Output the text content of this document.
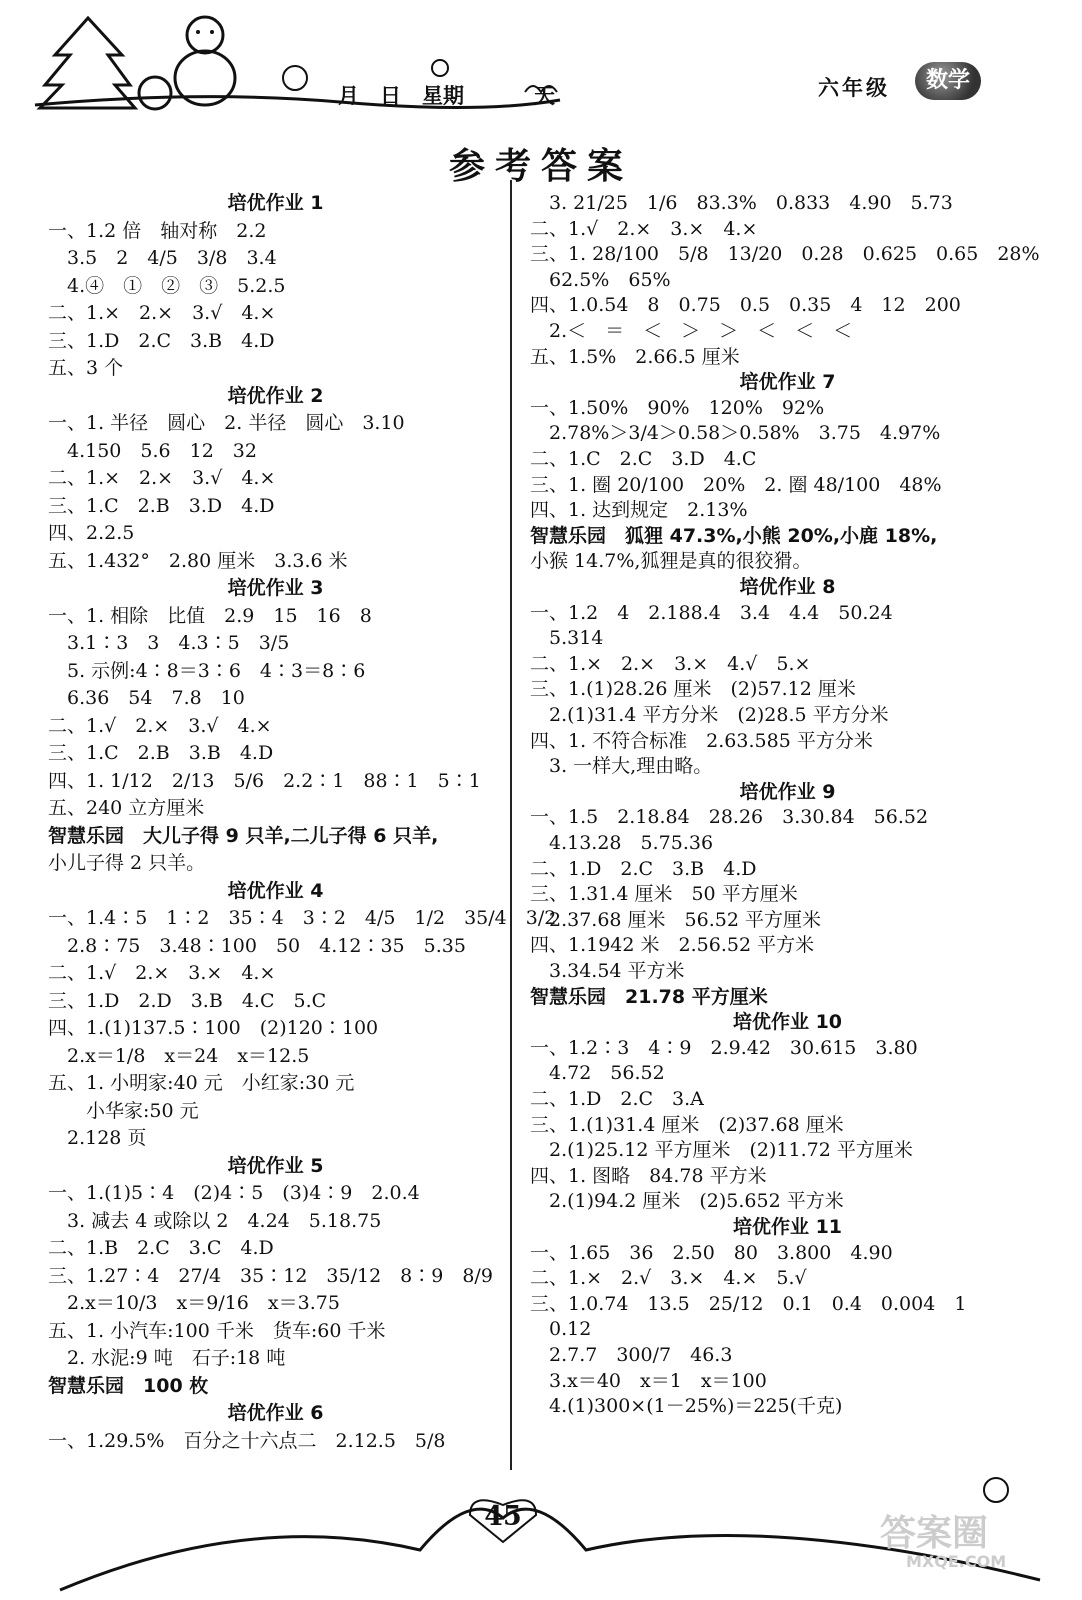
月　日　星期	天	六年级	数学
参考答案
培优作业 1
一、1.2 倍　轴对称　2.2
　3.5　2　4/5　3/8　3.4
　4.④　①　②　③　5.2.5
二、1.×　2.×　3.√　4.×
三、1.D　2.C　3.B　4.D
五、3 个
培优作业 2
一、1. 半径　圆心　2. 半径　圆心　3.10
　4.150　5.6　12　32
二、1.×　2.×　3.√　4.×
三、1.C　2.B　3.D　4.D
四、2.2.5
五、1.432°　2.80 厘米　3.3.6 米
培优作业 3
一、1. 相除　比值　2.9　15　16　8
　3.1∶3　3　4.3∶5　3/5
　5. 示例:4∶8＝3∶6　4∶3＝8∶6
　6.36　54　7.8　10
二、1.√　2.×　3.√　4.×
三、1.C　2.B　3.B　4.D
四、1. 1/12　2/13　5/6　2.2∶1　88∶1　5∶1
五、240 立方厘米
智慧乐园　大儿子得 9 只羊,二儿子得 6 只羊,
小儿子得 2 只羊。
培优作业 4
一、1.4∶5　1∶2　35∶4　3∶2　4/5　1/2　35/4　3/2
　2.8∶75　3.48∶100　50　4.12∶35　5.35
二、1.√　2.×　3.×　4.×
三、1.D　2.D　3.B　4.C　5.C
四、1.(1)137.5∶100　(2)120∶100
　2.x＝1/8　x＝24　x＝12.5
五、1. 小明家:40 元　小红家:30 元
　　小华家:50 元
　2.128 页
培优作业 5
一、1.(1)5∶4　(2)4∶5　(3)4∶9　2.0.4
　3. 减去 4 或除以 2　4.24　5.18.75
二、1.B　2.C　3.C　4.D
三、1.27∶4　27/4　35∶12　35/12　8∶9　8/9
　2.x＝10/3　x＝9/16　x＝3.75
五、1. 小汽车:100 千米　货车:60 千米
　2. 水泥:9 吨　石子:18 吨
智慧乐园　100 枚
培优作业 6
一、1.29.5%　百分之十六点二　2.12.5　5/8
　3. 21/25　1/6　83.3%　0.833　4.90　5.73
二、1.√　2.×　3.×　4.×
三、1. 28/100　5/8　13/20　0.28　0.625　0.65　28%
　62.5%　65%
四、1.0.54　8　0.75　0.5　0.35　4　12　200
　2.＜　＝　＜　＞　＞　＜　＜　＜
五、1.5%　2.66.5 厘米
培优作业 7
一、1.50%　90%　120%　92%
　2.78%＞3/4＞0.58＞0.58%　3.75　4.97%
二、1.C　2.C　3.D　4.C
三、1. 圈 20/100　20%　2. 圈 48/100　48%
四、1. 达到规定　2.13%
智慧乐园　狐狸 47.3%,小熊 20%,小鹿 18%,
小猴 14.7%,狐狸是真的很狡猾。
培优作业 8
一、1.2　4　2.188.4　3.4　4.4　50.24
　5.314
二、1.×　2.×　3.×　4.√　5.×
三、1.(1)28.26 厘米　(2)57.12 厘米
　2.(1)31.4 平方分米　(2)28.5 平方分米
四、1. 不符合标准　2.63.585 平方分米
　3. 一样大,理由略。
培优作业 9
一、1.5　2.18.84　28.26　3.30.84　56.52
　4.13.28　5.75.36
二、1.D　2.C　3.B　4.D
三、1.31.4 厘米　50 平方厘米
　2.37.68 厘米　56.52 平方厘米
四、1.1942 米　2.56.52 平方米
　3.34.54 平方米
智慧乐园　21.78 平方厘米
培优作业 10
一、1.2∶3　4∶9　2.9.42　30.615　3.80
　4.72　56.52
二、1.D　2.C　3.A
三、1.(1)31.4 厘米　(2)37.68 厘米
　2.(1)25.12 平方厘米　(2)11.72 平方厘米
四、1. 图略　84.78 平方米
　2.(1)94.2 厘米　(2)5.652 平方米
培优作业 11
一、1.65　36　2.50　80　3.800　4.90
二、1.×　2.√　3.×　4.×　5.√
三、1.0.74　13.5　25/12　0.1　0.4　0.004　1
　0.12
　2.7.7　300/7　46.3
　3.x＝40　x＝1　x＝100
　4.(1)300×(1－25%)＝225(千克)
45	答案圈
MXQE.COM
